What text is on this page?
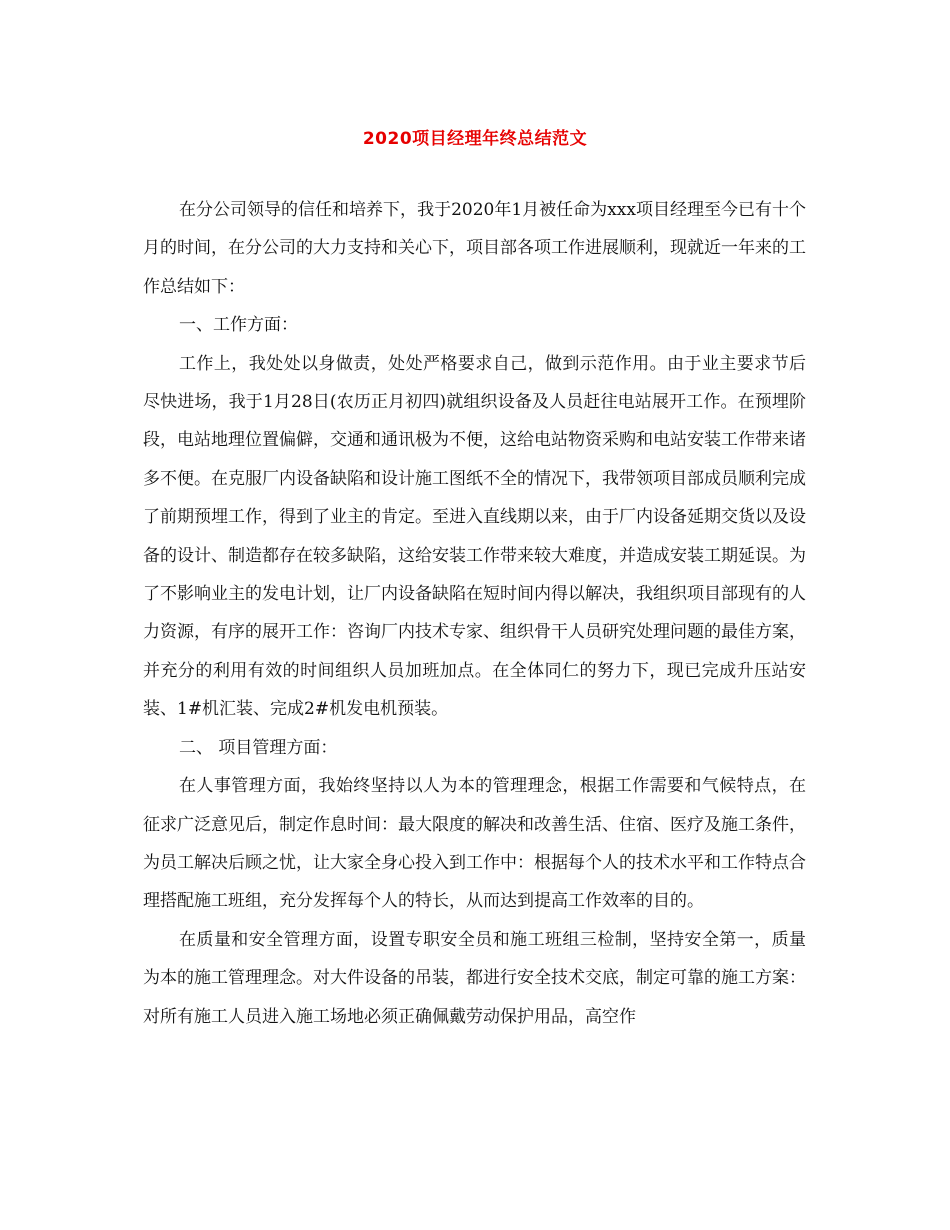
2020项目经理年终总结范文

在分公司领导的信任和培养下，我于2020年1月被任命为xxx项目经理至今已有十个月的时间，在分公司的大力支持和关心下，项目部各项工作进展顺利，现就近一年来的工作总结如下：

一、工作方面：

工作上，我处处以身做责，处处严格要求自己，做到示范作用。由于业主要求节后尽快进场，我于1月28日(农历正月初四)就组织设备及人员赶往电站展开工作。在预埋阶段，电站地理位置偏僻，交通和通讯极为不便，这给电站物资采购和电站安装工作带来诸多不便。在克服厂内设备缺陷和设计施工图纸不全的情况下，我带领项目部成员顺利完成了前期预埋工作，得到了业主的肯定。至进入直线期以来，由于厂内设备延期交货以及设备的设计、制造都存在较多缺陷，这给安装工作带来较大难度，并造成安装工期延误。为了不影响业主的发电计划，让厂内设备缺陷在短时间内得以解决，我组织项目部现有的人力资源，有序的展开工作：咨询厂内技术专家、组织骨干人员研究处理问题的最佳方案，并充分的利用有效的时间组织人员加班加点。在全体同仁的努力下，现已完成升压站安装、1#机汇装、完成2#机发电机预装。

二、 项目管理方面：

在人事管理方面，我始终坚持以人为本的管理理念，根据工作需要和气候特点，在征求广泛意见后，制定作息时间：最大限度的解决和改善生活、住宿、医疗及施工条件，为员工解决后顾之忧，让大家全身心投入到工作中：根据每个人的技术水平和工作特点合理搭配施工班组，充分发挥每个人的特长，从而达到提高工作效率的目的。

在质量和安全管理方面，设置专职安全员和施工班组三检制，坚持安全第一，质量为本的施工管理理念。对大件设备的吊装，都进行安全技术交底，制定可靠的施工方案：对所有施工人员进入施工场地必须正确佩戴劳动保护用品，高空作
